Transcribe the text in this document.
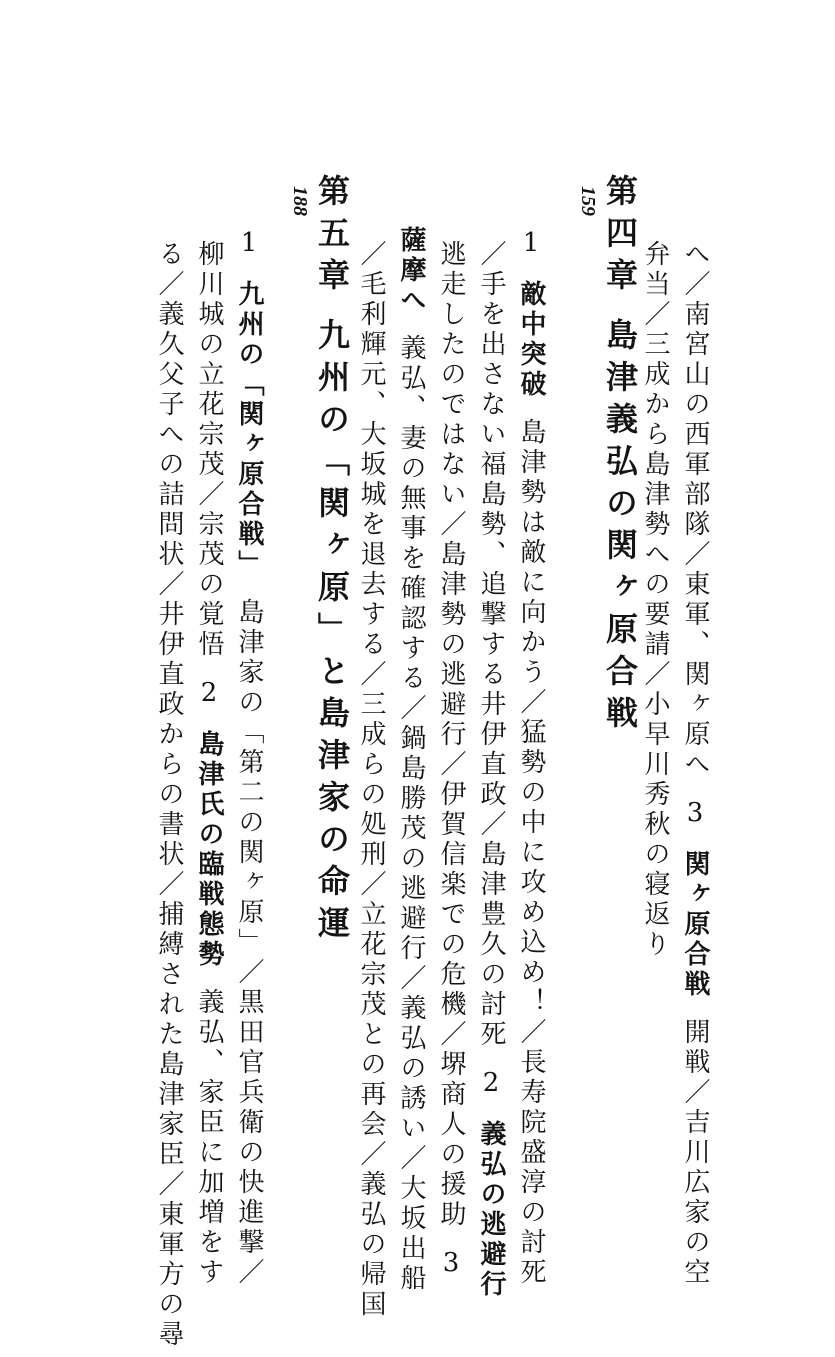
へ／南宮山の西軍部隊／東軍、関ヶ原へ3関ヶ原合戦開戦／吉川広家の空
弁当／三成から島津勢への要請／小早川秀秋の寝返り
第四章島津義弘の関ヶ原合戦
159
1敵中突破島津勢は敵に向かう／猛勢の中に攻め込め！／長寿院盛淳の討死
／手を出さない福島勢、追撃する井伊直政／島津豊久の討死2義弘の逃避行
逃走したのではない／島津勢の逃避行／伊賀信楽での危機／堺商人の援助3
薩摩へ義弘、妻の無事を確認する／鍋島勝茂の逃避行／義弘の誘い／大坂出船
／毛利輝元、大坂城を退去する／三成らの処刑／立花宗茂との再会／義弘の帰国
第五章九州の「関ヶ原」と島津家の命運
188
1九州の「関ヶ原合戦」島津家の「第二の関ヶ原」／黒田官兵衛の快進撃／
柳川城の立花宗茂／宗茂の覚悟2島津氏の臨戦態勢義弘、家臣に加増をす
る／義久父子への詰問状／井伊直政からの書状／捕縛された島津家臣／東軍方の尋
